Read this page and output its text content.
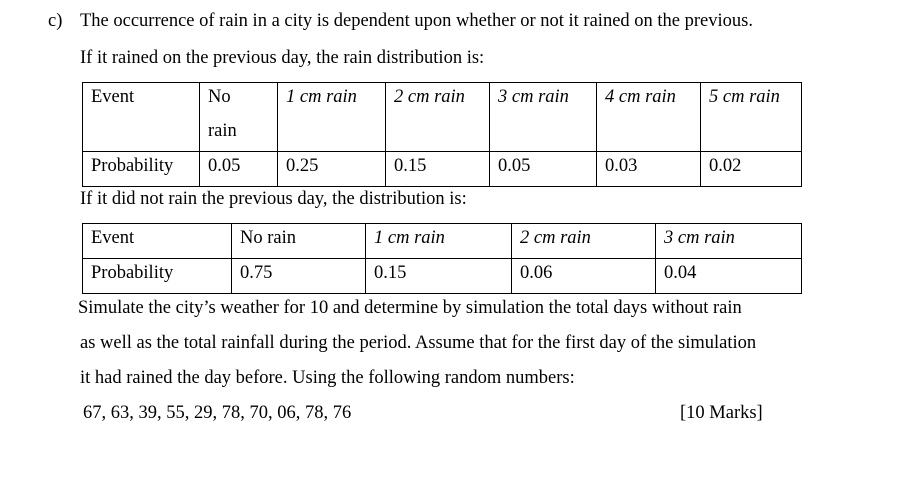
c) The occurrence of rain in a city is dependent upon whether or not it rained on the previous.
If it rained on the previous day, the rain distribution is:
Event	No rain	1 cm rain	2 cm rain	3 cm rain	4 cm rain	5 cm rain
Probability	0.05	0.25	0.15	0.05	0.03	0.02
If it did not rain the previous day, the distribution is:
Event	No rain	1 cm rain	2 cm rain	3 cm rain
Probability	0.75	0.15	0.06	0.04
Simulate the city’s weather for 10 and determine by simulation the total days without rain
as well as the total rainfall during the period. Assume that for the first day of the simulation
it had rained the day before. Using the following random numbers:
67, 63, 39, 55, 29, 78, 70, 06, 78, 76	[10 Marks]
